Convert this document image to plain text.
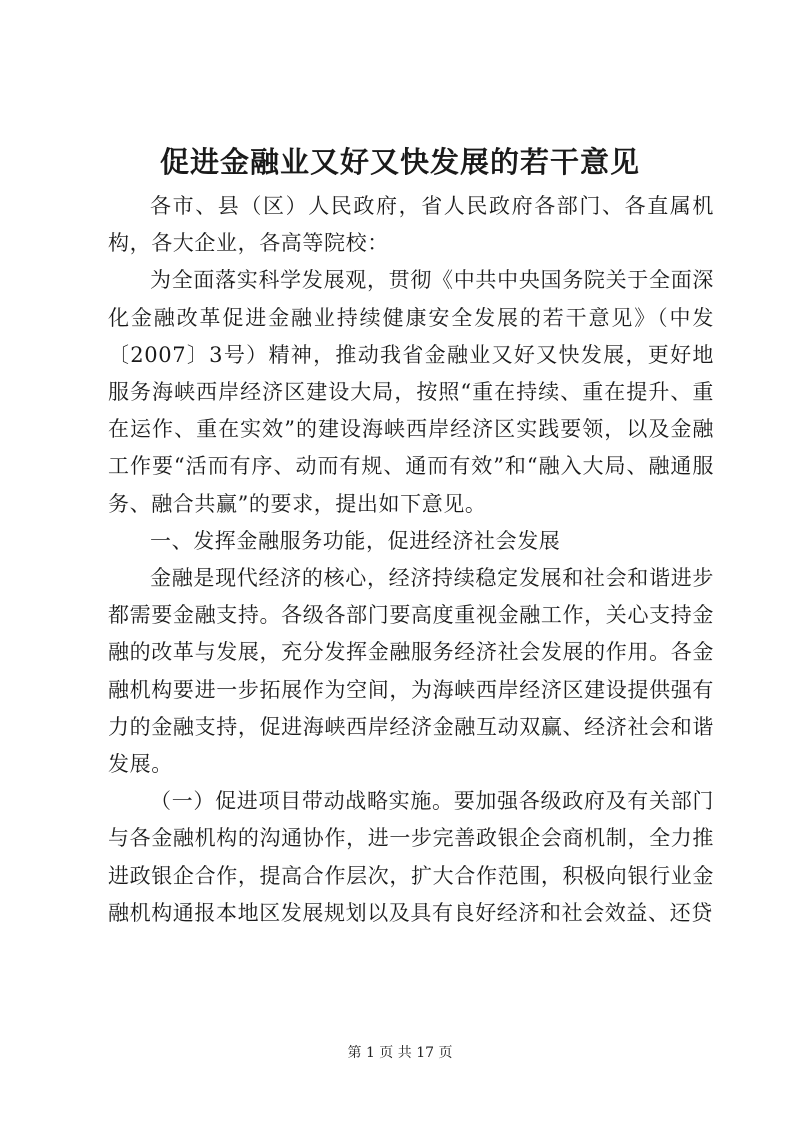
促进金融业又好又快发展的若干意见

各市、县（区）人民政府，省人民政府各部门、各直属机构，各大企业，各高等院校：

为全面落实科学发展观，贯彻《中共中央国务院关于全面深化金融改革促进金融业持续健康安全发展的若干意见》（中发〔2007〕3号）精神，推动我省金融业又好又快发展，更好地服务海峡西岸经济区建设大局，按照“重在持续、重在提升、重在运作、重在实效”的建设海峡西岸经济区实践要领，以及金融工作要“活而有序、动而有规、通而有效”和“融入大局、融通服务、融合共赢”的要求，提出如下意见。

一、发挥金融服务功能，促进经济社会发展

金融是现代经济的核心，经济持续稳定发展和社会和谐进步都需要金融支持。各级各部门要高度重视金融工作，关心支持金融的改革与发展，充分发挥金融服务经济社会发展的作用。各金融机构要进一步拓展作为空间，为海峡西岸经济区建设提供强有力的金融支持，促进海峡西岸经济金融互动双赢、经济社会和谐发展。

（一）促进项目带动战略实施。要加强各级政府及有关部门与各金融机构的沟通协作，进一步完善政银企会商机制，全力推进政银企合作，提高合作层次，扩大合作范围，积极向银行业金融机构通报本地区发展规划以及具有良好经济和社会效益、还贷

第 1 页 共 17 页
